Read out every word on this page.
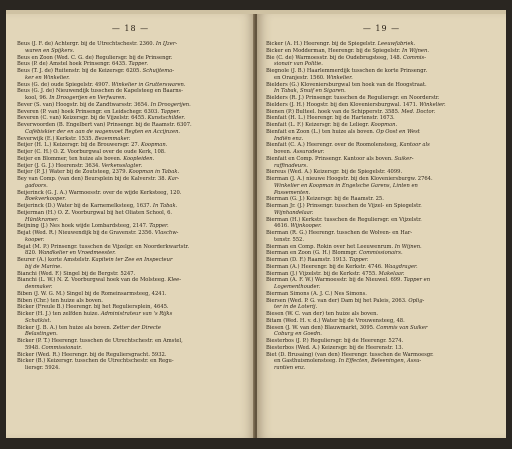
— 18 —
Beus (J. F. de) Achtergr. bij de Utrechtschestr. 2360. In IJzer-
waren en Spijkers.
Beus en Zoon (Wed. C. G. de) Reguliersgr. bij de Prinsengr.
Beus (P. de) Amstel hoek Prinsengr. 6435. Tapper.
Beus (T. J. de) Ruitenstr. bij de Keizersgr. 6205. Schuijtema-
ker en Winkelier.
Beus (G. de) oude Spiegelstr. 4907. Winkelier in Grutterswaren.
Beus (G. J. de) Nieuwendijk tusschen de Kapelsteeg en Baarns-
kool, 96. In Droogerijen en Verfwaren.
Bever (S. van) Hoogstr. bij de Zandtwarsstr. 3654. In Droogerijen.
Beveren (P. van) hoek Prinsengr. en Leidschegr. 6303. Tapper.
Beveren (C. van) Keizersgr. bij de Vijzelstr. 6455. Kunstschilder.
Beverwoorden (B. Engelbert van) Prinsengr. bij de Raamstr. 6307.
Cafébiskier der en aan de wagenvoet Regten en Accijnzen.
Beverwijk (E.) Kerkstr. 1535. Bezemmaker.
Beijer (H. L.) Keizersgr. bij de Brouwersgr. 27. Koopman.
Beijer (C. H.) O. Z. Voorburgwal over de oude Kerk, 108.
Beijer en Blommer, ten huize als boven. Koopleiden.
Beijer (J. G. J.) Heerenstr. 3634. Verkensslagter.
Beijer (P. J.) Water bij de Zoutsteeg, 2379. Koopman in Tabak.
Bey van Comp. (van den) Beursplein bij de Kalverstr. 38. Kar-
gadoors.
Beijerinck (G. J. A.) Warmoesstr. over de wijde Kerksteeg, 120.
Boekverkooper.
Beijerinck (D.) Water bij de Karnemelksteeg, 1637. In Tabak.
Beijerman (H.) O. Z. Voorburgwal bij het Oliaten School, 6.
Hüntkramer.
Beijning (J.) Nes hoek wijde Lombardsteeg, 2147. Tapper.
Bejat (Wed. R.) Nieuwendijk bij de Gravenstr. 2356. Vlaschw-
kooper.
Bejat (M. P.) Prinsengr. tusschen de Vijzelgr. en Noorderkwartstr.
820. Wandkelier en Vroedmeester.
Beurer (A.) korte Amstelstr. Kapitein ter Zee en Inspecteur
bij de Marine.
Bianchi (Wed. F.) Singel bij de Bergstr. 5247.
Bianchi (L. W.) N. Z. Voorburgwal hoek van de Molsteeg. Klee-
denmaker.
Biben (J. W. G. M.) Singel bij de Romeinsarmsteeg, 4241.
Biben (Chr.) ten huize als boven.
Bicker (Freule B.) Heerengr. bij het Reguliersplein, 4645.
Bicker (H. J.) ten zelfden huize. Administrateur van 's Rijks
Schatkist.
Bicker (J. B. A.) ten huize als boven. Zetter der Directe
Belastingen.
Bicker (P. T.) Heerengr. tusschen de Utrechtschestr. en Amstel,
5948. Commissionair.
Bicker (Wed. R.) Heerengr. bij de Reguliersgracht. 5932.
Bicker (B.) Keizersgr. tusschen de Utrechtschestr. en Regu-
liersgr. 5924.
— 19 —
Bicker (A. H.) Heerengr. bij de Spiegelstr. Leeuwfabriek.
Bicker en Modderman, Heerengr. bij de Spiegelstr. In Wijnen.
Bie (C. de) Warmoesstr. bij de Oudebrugsteeg, 148. Commis-
sionair van Politie.
Biegnole (J. B.) Haarlemmerdijk tusschen de korte Prinsengr.
en Oranjestr. 1560. Winkelier.
Bielders (G.) Kloveniersburgwal ten hoek van de Hoogstraat.
In Tabak, Snuif en Sigaren.
Bielders (R. J.) Prinsengr. tusschen de Reguliersgr. en Noorderstr.
Bielders (J. H.) Hoogstr. bij den Kloveniersburgwal. 1471. Winkelier.
Bienen (P.) Bulteel. hoek van de Schipperstr. 3585. Med. Doctor.
Bienfait (H. L.) Heerengr. bij de Hartenstr. 1673.
Bienfait (L. F.) Keizersgr. bij de Leliegr. Koopman.
Bienfait en Zoon (L.) ten huize als boven. Op Oost en West
Indiën enz.
Bienfait (C. A.) Heerengr. over de Roomolensteeg, Kantoor als
boven. Assuradeur.
Bienfait en Comp. Prinsengr. Kantoor als boven. Suiker-
raffinadeurs.
Biereus (Wed. A.) Keizersgr. bij de Spiegelstr. 4099.
Bierman (J. A.) nieuwe Hoogstr. bij den Kloveniersburgw. 2764.
Winkelier en Koopman in Engelsche Garens, Linten en
Passementen.
Bierman (G. J.) Keizersgr. bij de Raamstr. 25.
Bierman Jr. (J.) Prinsengr. tusschen de Vijzel- en Spiegelstr.
Wijnhandelaar.
Bierman (H.) Kerkstr. tusschen de Reguliersgr. en Vijzelstr.
4616. Wijnkooper.
Bierman (R. G.) Heerengr. tusschen de Wolven- en Har-
tenstr. 552.
Bierman en Comp. Rokin over het Leeuwenrum. In Wijnen.
Bierman en Zoon (G. H.) Blommgr. Commissionairs.
Bierman (D. F.) Raamstr. 1913. Tapper.
Bierman (A.) Heerengr. bij de Kerkstr. 4746. Waagdrager.
Bierman (J.) Vijzelstr. bij de Kerkstr. 4755. Makelaar.
Bierman (A. F. W.) Warmoesstr. bij de Nieuwel. 699. Tapper en
Logementhouder.
Bierman Simons (A. J. C.) Nes Simons.
Biersen (Wed. P. G. van der) Dam bij het Paleis, 2063. Oplig-
ter in de Loterij.
Biesen (W. C. van der) ten huize als boven.
Bitam (Wed. H. v. d.) Water bij de Vrouwensteeg, 48.
Biesen (J. W. van den) Blauwmarkt, 3095. Commis van Suiker
Coburg en Goedn.
Biesterbos (J. P.) Reguliersgr. bij de Heerengr. 5274.
Biesterbos (Wed. A.) Keizersgr. bij de Heerenstr. 13.
Biet (D. Brusaing) (van den) Heerengr. tusschen de Warmoesgr.
en Gasthuismolensteeg. In Effecten, Beleeningen, Assu-
rantien enz.
